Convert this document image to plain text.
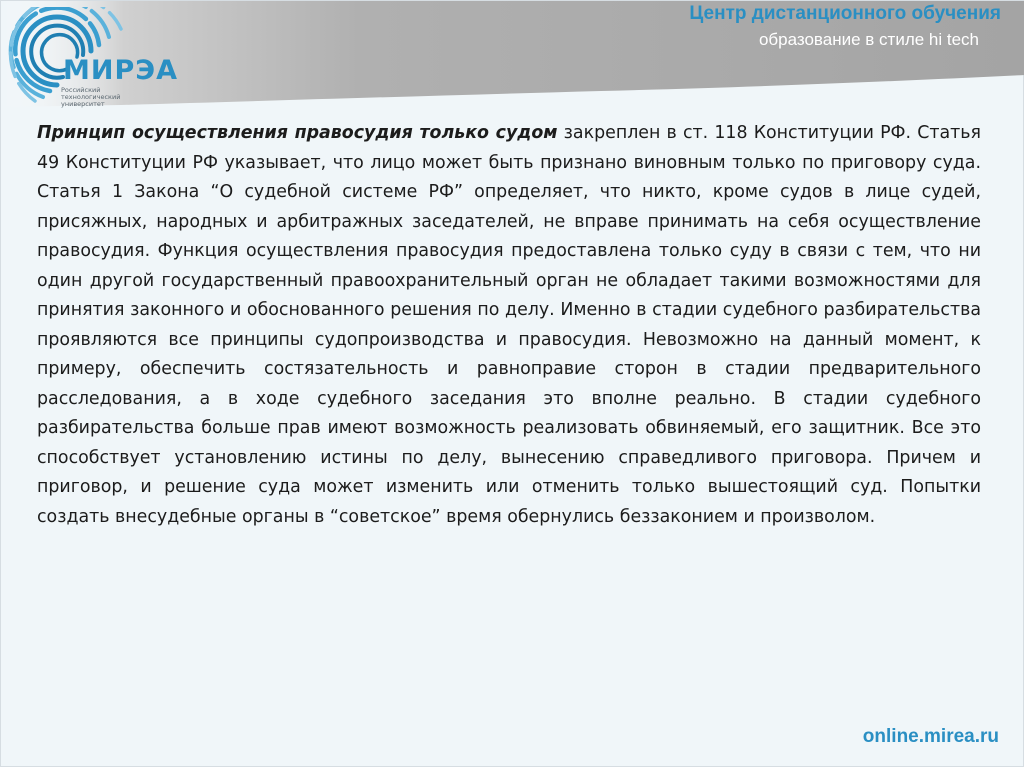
МИРЭА
Российский технологический университет
Центр дистанционного обучения
образование в стиле hi tech
Принцип осуществления правосудия только судом закреплен в ст. 118 Конституции РФ. Статья 49 Конституции РФ указывает, что лицо может быть признано виновным только по приговору суда. Статья 1 Закона “О судебной системе РФ” определяет, что никто, кроме судов в лице судей, присяжных, народных и арбитражных заседателей, не вправе принимать на себя осуществление правосудия. Функция осуществления правосудия предоставлена только суду в связи с тем, что ни один другой государственный правоохранительный орган не обладает такими возможностями для принятия законного и обоснованного решения по делу. Именно в стадии судебного разбирательства проявляются все принципы судопроизводства и правосудия. Невозможно на данный момент, к примеру, обеспечить состязательность и равноправие сторон в стадии предварительного расследования, а в ходе судебного заседания это вполне реально. В стадии судебного разбирательства больше прав имеют возможность реализовать обвиняемый, его защитник. Все это способствует установлению истины по делу, вынесению справедливого приговора. Причем и приговор, и решение суда может изменить или отменить только вышестоящий суд. Попытки создать внесудебные органы в “советское” время обернулись беззаконием и произволом.
online.mirea.ru
